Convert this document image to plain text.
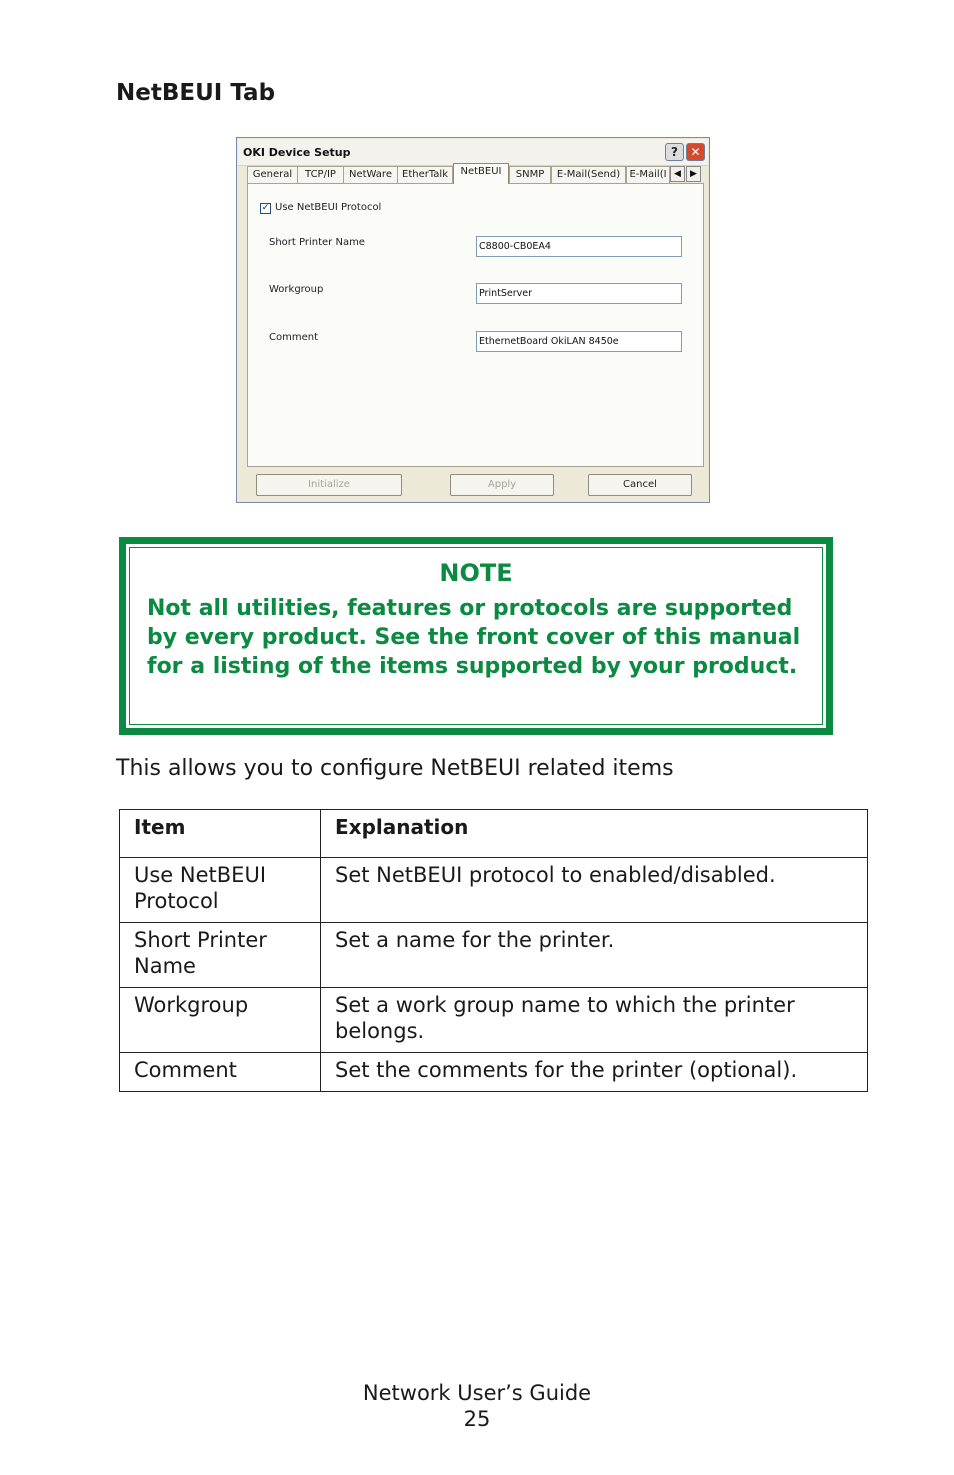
NetBEUI Tab
OKI Device Setup	?	✕
General	TCP/IP	NetWare	EtherTalk	NetBEUI	SNMP	E-Mail(Send) E-Mail(I ◀	▶
✓ Use NetBEUI Protocol
Short Printer Name	C8800-CB0EA4
Workgroup	PrintServer
Comment	EthernetBoard OkiLAN 8450e
Initialize	Apply	Cancel
NOTE
Not all utilities, features or protocols are supported by every product. See the front cover of this manual for a listing of the items supported by your product.

This allows you to configure NetBEUI related items

Item	Explanation
Use NetBEUI Protocol	Set NetBEUI protocol to enabled/disabled.
Short Printer Name	Set a name for the printer.
Workgroup	Set a work group name to which the printer belongs.
Comment	Set the comments for the printer (optional).
Network User’s Guide
25
